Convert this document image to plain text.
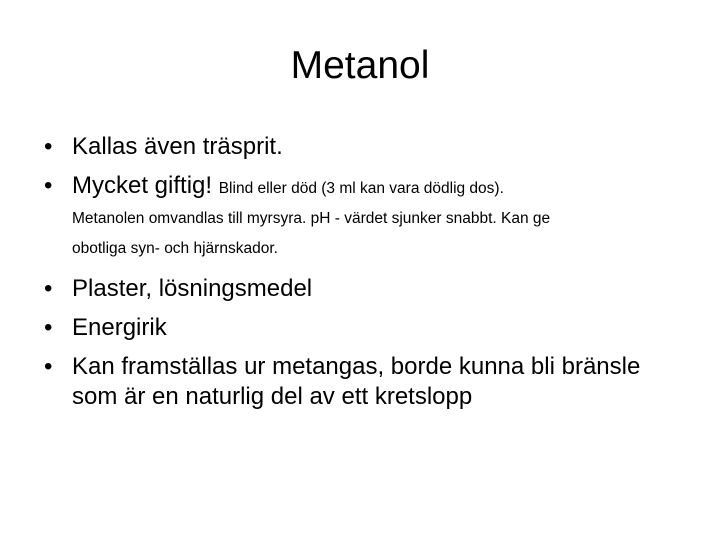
Metanol
• Kallas även träsprit.
• Mycket giftig! Blind eller död (3 ml kan vara dödlig dos).
Metanolen omvandlas till myrsyra. pH - värdet sjunker snabbt. Kan ge
obotliga syn- och hjärnskador.
• Plaster, lösningsmedel
• Energirik
• Kan framställas ur metangas, borde kunna bli bränsle som är en naturlig del av ett kretslopp
